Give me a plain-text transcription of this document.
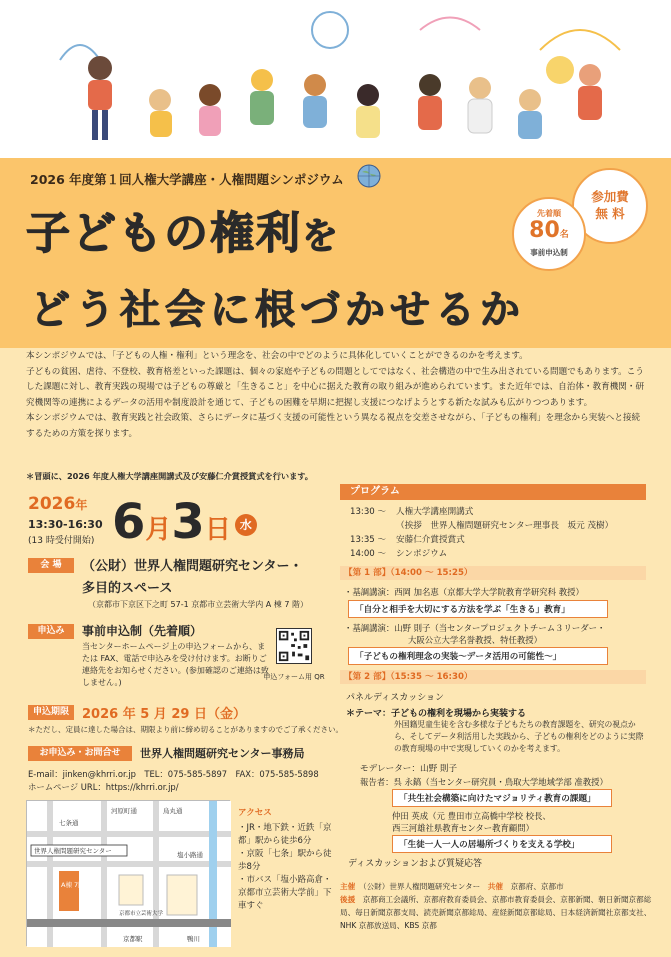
2026 年度第１回人権大学講座・人権問題シンポジウム
子どもの権利を
どう社会に根づかせるか
参加費
無 料
先着順
80名
事前申込制

本シンポジウムでは、「子どもの人権・権利」という理念を、社会の中でどのように具体化していくことができるのかを考えます。

子どもの貧困、虐待、不登校、教育格差といった課題は、個々の家庭や子どもの問題としてではなく、社会構造の中で生み出されている問題でもあります。こうした課題に対し、教育実践の現場では子どもの尊厳と「生きること」を中心に据えた教育の取り組みが進められています。また近年では、自治体・教育機関・研究機関等の連携によるデータの活用や制度設計を通じて、子どもの困難を早期に把握し支援につなげようとする新たな試みも広がりつつあります。

本シンポジウムでは、教育実践と社会政策、さらにデータに基づく支援の可能性という異なる視点を交差させながら、「子どもの権利」を理念から実装へと接続するための方策を探ります。

＊冒頭に、2026 年度人権大学講座開講式及び安藤仁介賞授賞式を行います。
2026年
13:30-16:30
(13 時受付開始) 6月3日 水
会 場	（公財）世界人権問題研究センター・
多目的スペース
（京都市下京区下之町 57-1 京都市立芸術大学内 A 棟 7 階）
申込み	事前申込制（先着順）
当センターホームページ上の申込フォームから、または FAX、電話で申込みを受け付けます。お断りご連絡先をお知らせください。(参加確認のご連絡は致しません。)
申込フォーム用 QR
申込期限	2026 年 5 月 29 日（金）
＊ただし、定員に達した場合は、期限より前に締め切ることがありますのでご了承ください。
お申込み・お問合せ	世界人権問題研究センター事務局
E-mail：jinken@khrri.or.jp　TEL：075-585-5897　FAX：075-585-5898
ホームページ URL：https://khrri.or.jp/
七条通
塩小路通
河原町通	烏丸通
鴨川
世界人権問題研究センター
A棟 7階
京都市立芸術大学
京都駅
アクセス
・JR・地下鉄・近鉄「京都」駅から徒歩6分
・京阪「七条」駅から徒歩8分
・市バス「塩小路高倉・京都市立芸術大学前」下車すぐ
プログラム
13:30 〜 人権大学講座開講式
（挨拶　世界人権問題研究センター理事長　坂元 茂樹）
13:35 〜 安藤仁介賞授賞式
14:00 〜 シンポジウム
【第 1 部】（14:00 〜 15:25）
・基調講演：西岡 加名恵（京都大学大学院教育学研究科 教授）
「自分と相手を大切にする方法を学ぶ「生きる」教育」
・基調講演：山野 則子（当センタープロジェクトチーム３リーダー・
大阪公立大学名誉教授、特任教授）
「子どもの権利理念の実装〜データ活用の可能性〜」
【第 2 部】（15:35 〜 16:30）
パネルディスカッション
＊テーマ：子どもの権利を現場から実装する
外国籍児童生徒を含む多様な子どもたちの教育課題を、研究の視点から、そしてデータ利活用した実践から、子どもの権利をどのように実際の教育現場の中で実現していくのかを考えます。
モデレーター：山野 則子
報告者：呉 永鎬（当センター研究員・鳥取大学地域学部 准教授）
「共生社会構築に向けたマジョリティ教育の課題」
仲田 英成（元 豊田市立高橋中学校 校長、
西三河雄社県教育センター教育顧問）
「生徒一人一人の居場所づくりを支える学校」
ディスカッションおよび質疑応答
主催　 （公財）世界人権問題研究センター　 共催　 京都府、京都市
後援　 京都商工会議所、京都府教育委員会、京都市教育委員会、京都新聞、朝日新聞京都総局、毎日新聞京都支局、読売新聞京都総局、産経新聞京都総局、日本経済新聞社京都支社、NHK 京都放送局、KBS 京都
